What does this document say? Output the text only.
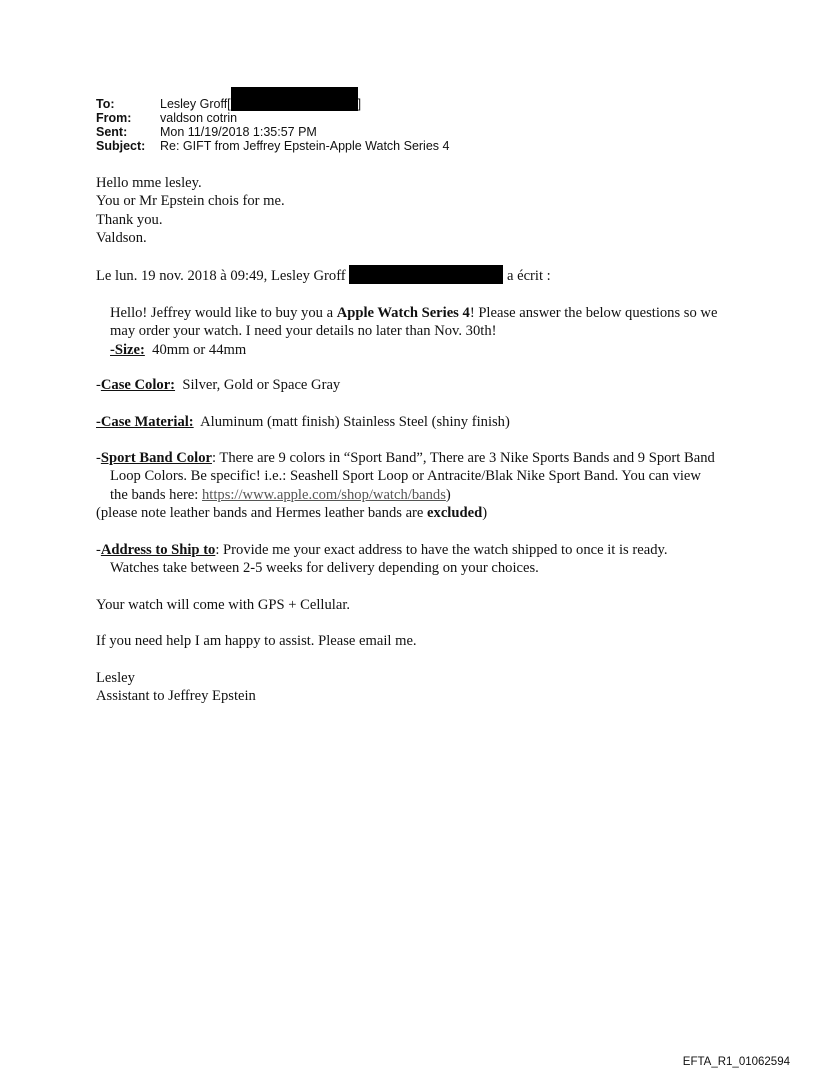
To:	Lesley Groff[	]
From:	valdson cotrin
Sent:	Mon 11/19/2018 1:35:57 PM
Subject:	Re: GIFT from Jeffrey Epstein-Apple Watch Series 4
Hello mme lesley.
You or Mr Epstein chois for me.
Thank you.
Valdson.
Le lun. 19 nov. 2018 à 09:49, Lesley Groff	a écrit :
Hello! Jeffrey would like to buy you a Apple Watch Series 4! Please answer the below questions so we may order your watch. I need your details no later than Nov. 30th!
-Size:  40mm or 44mm
-Case Color:  Silver, Gold or Space Gray
-Case Material:  Aluminum (matt finish) Stainless Steel (shiny finish)
-Sport Band Color: There are 9 colors in “Sport Band”, There are 3 Nike Sports Bands and 9 Sport Band Loop Colors. Be specific! i.e.: Seashell Sport Loop or Antracite/Blak Nike Sport Band. You can view the bands here: https://www.apple.com/shop/watch/bands)
(please note leather bands and Hermes leather bands are excluded)
-Address to Ship to: Provide me your exact address to have the watch shipped to once it is ready. Watches take between 2-5 weeks for delivery depending on your choices.
Your watch will come with GPS + Cellular.
If you need help I am happy to assist. Please email me.
Lesley
Assistant to Jeffrey Epstein
EFTA_R1_01062594
